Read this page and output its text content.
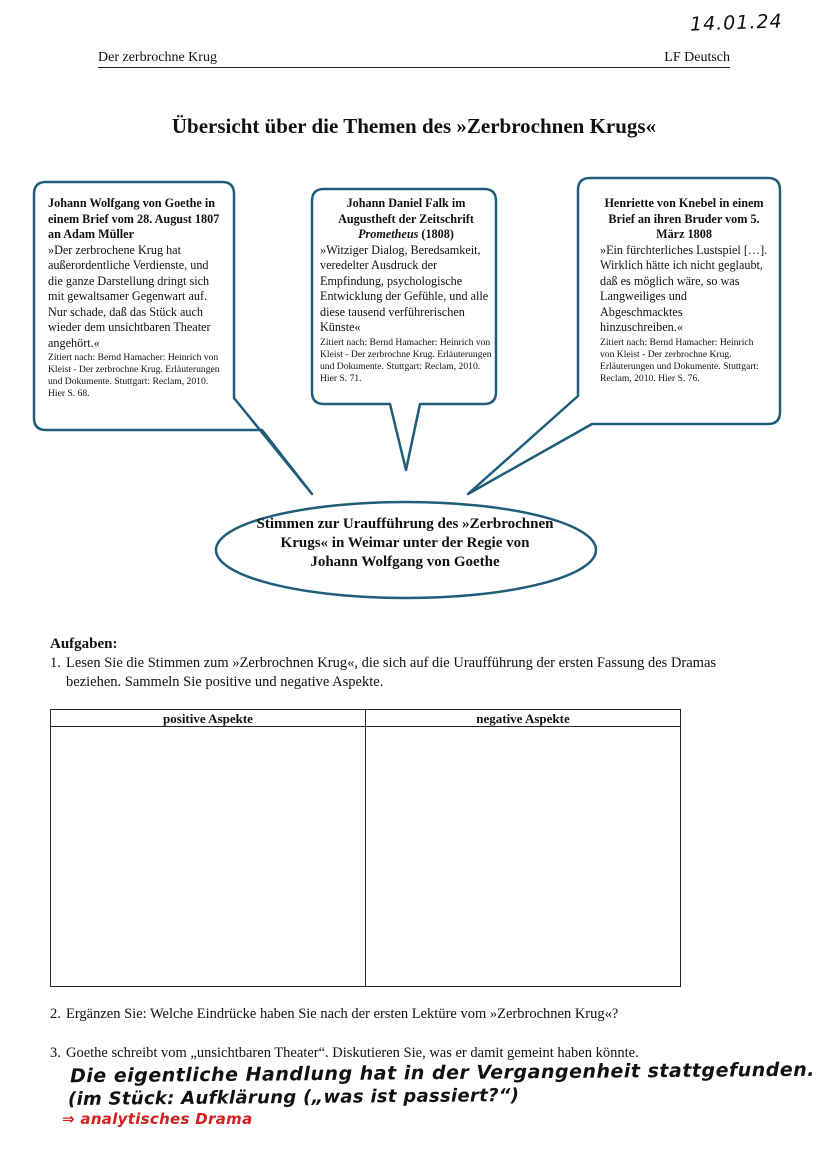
14.01.24
Der zerbrochne Krug	LF Deutsch
Übersicht über die Themen des »Zerbrochnen Krugs«
Johann Wolfgang von Goethe in einem Brief vom 28. August 1807 an Adam Müller
»Der zerbrochene Krug hat außerordentliche Verdienste, und die ganze Darstellung dringt sich mit gewaltsamer Gegenwart auf. Nur schade, daß das Stück auch wieder dem unsichtbaren Theater angehört.«
Zitiert nach: Bernd Hamacher: Heinrich von Kleist - Der zerbrochne Krug. Erläuterungen und Dokumente. Stuttgart: Reclam, 2010. Hier S. 68.
Johann Daniel Falk im Augustheft der Zeitschrift
Prometheus (1808)
»Witziger Dialog, Beredsamkeit, veredelter Ausdruck der Empfindung, psychologische Entwicklung der Gefühle, und alle diese tausend verführerischen Künste«
Zitiert nach: Bernd Hamacher: Heinrich von Kleist - Der zerbrochne Krug. Erläuterungen und Dokumente. Stuttgart: Reclam, 2010. Hier S. 71.
Henriette von Knebel in einem Brief an ihren Bruder vom 5. März 1808
»Ein fürchterliches Lustspiel […]. Wirklich hätte ich nicht geglaubt, daß es möglich wäre, so was Langweiliges und Abgeschmacktes hinzuschreiben.«
Zitiert nach: Bernd Hamacher: Heinrich von Kleist - Der zerbrochne Krug. Erläuterungen und Dokumente. Stuttgart: Reclam, 2010. Hier S. 76.
Stimmen zur Uraufführung des »Zerbrochnen Krugs« in Weimar unter der Regie von Johann Wolfgang von Goethe
Aufgaben:
1. Lesen Sie die Stimmen zum »Zerbrochnen Krug«, die sich auf die Uraufführung der ersten Fassung des Dramas beziehen. Sammeln Sie positive und negative Aspekte.
positive Aspekte	negative Aspekte

2. Ergänzen Sie: Welche Eindrücke haben Sie nach der ersten Lektüre vom »Zerbrochnen Krug«?
3. Goethe schreibt vom „unsichtbaren Theater“. Diskutieren Sie, was er damit gemeint haben könnte.
Die eigentliche Handlung hat in der Vergangenheit stattgefunden.
(im Stück: Aufklärung („was ist passiert?“)
⇒ analytisches Drama
